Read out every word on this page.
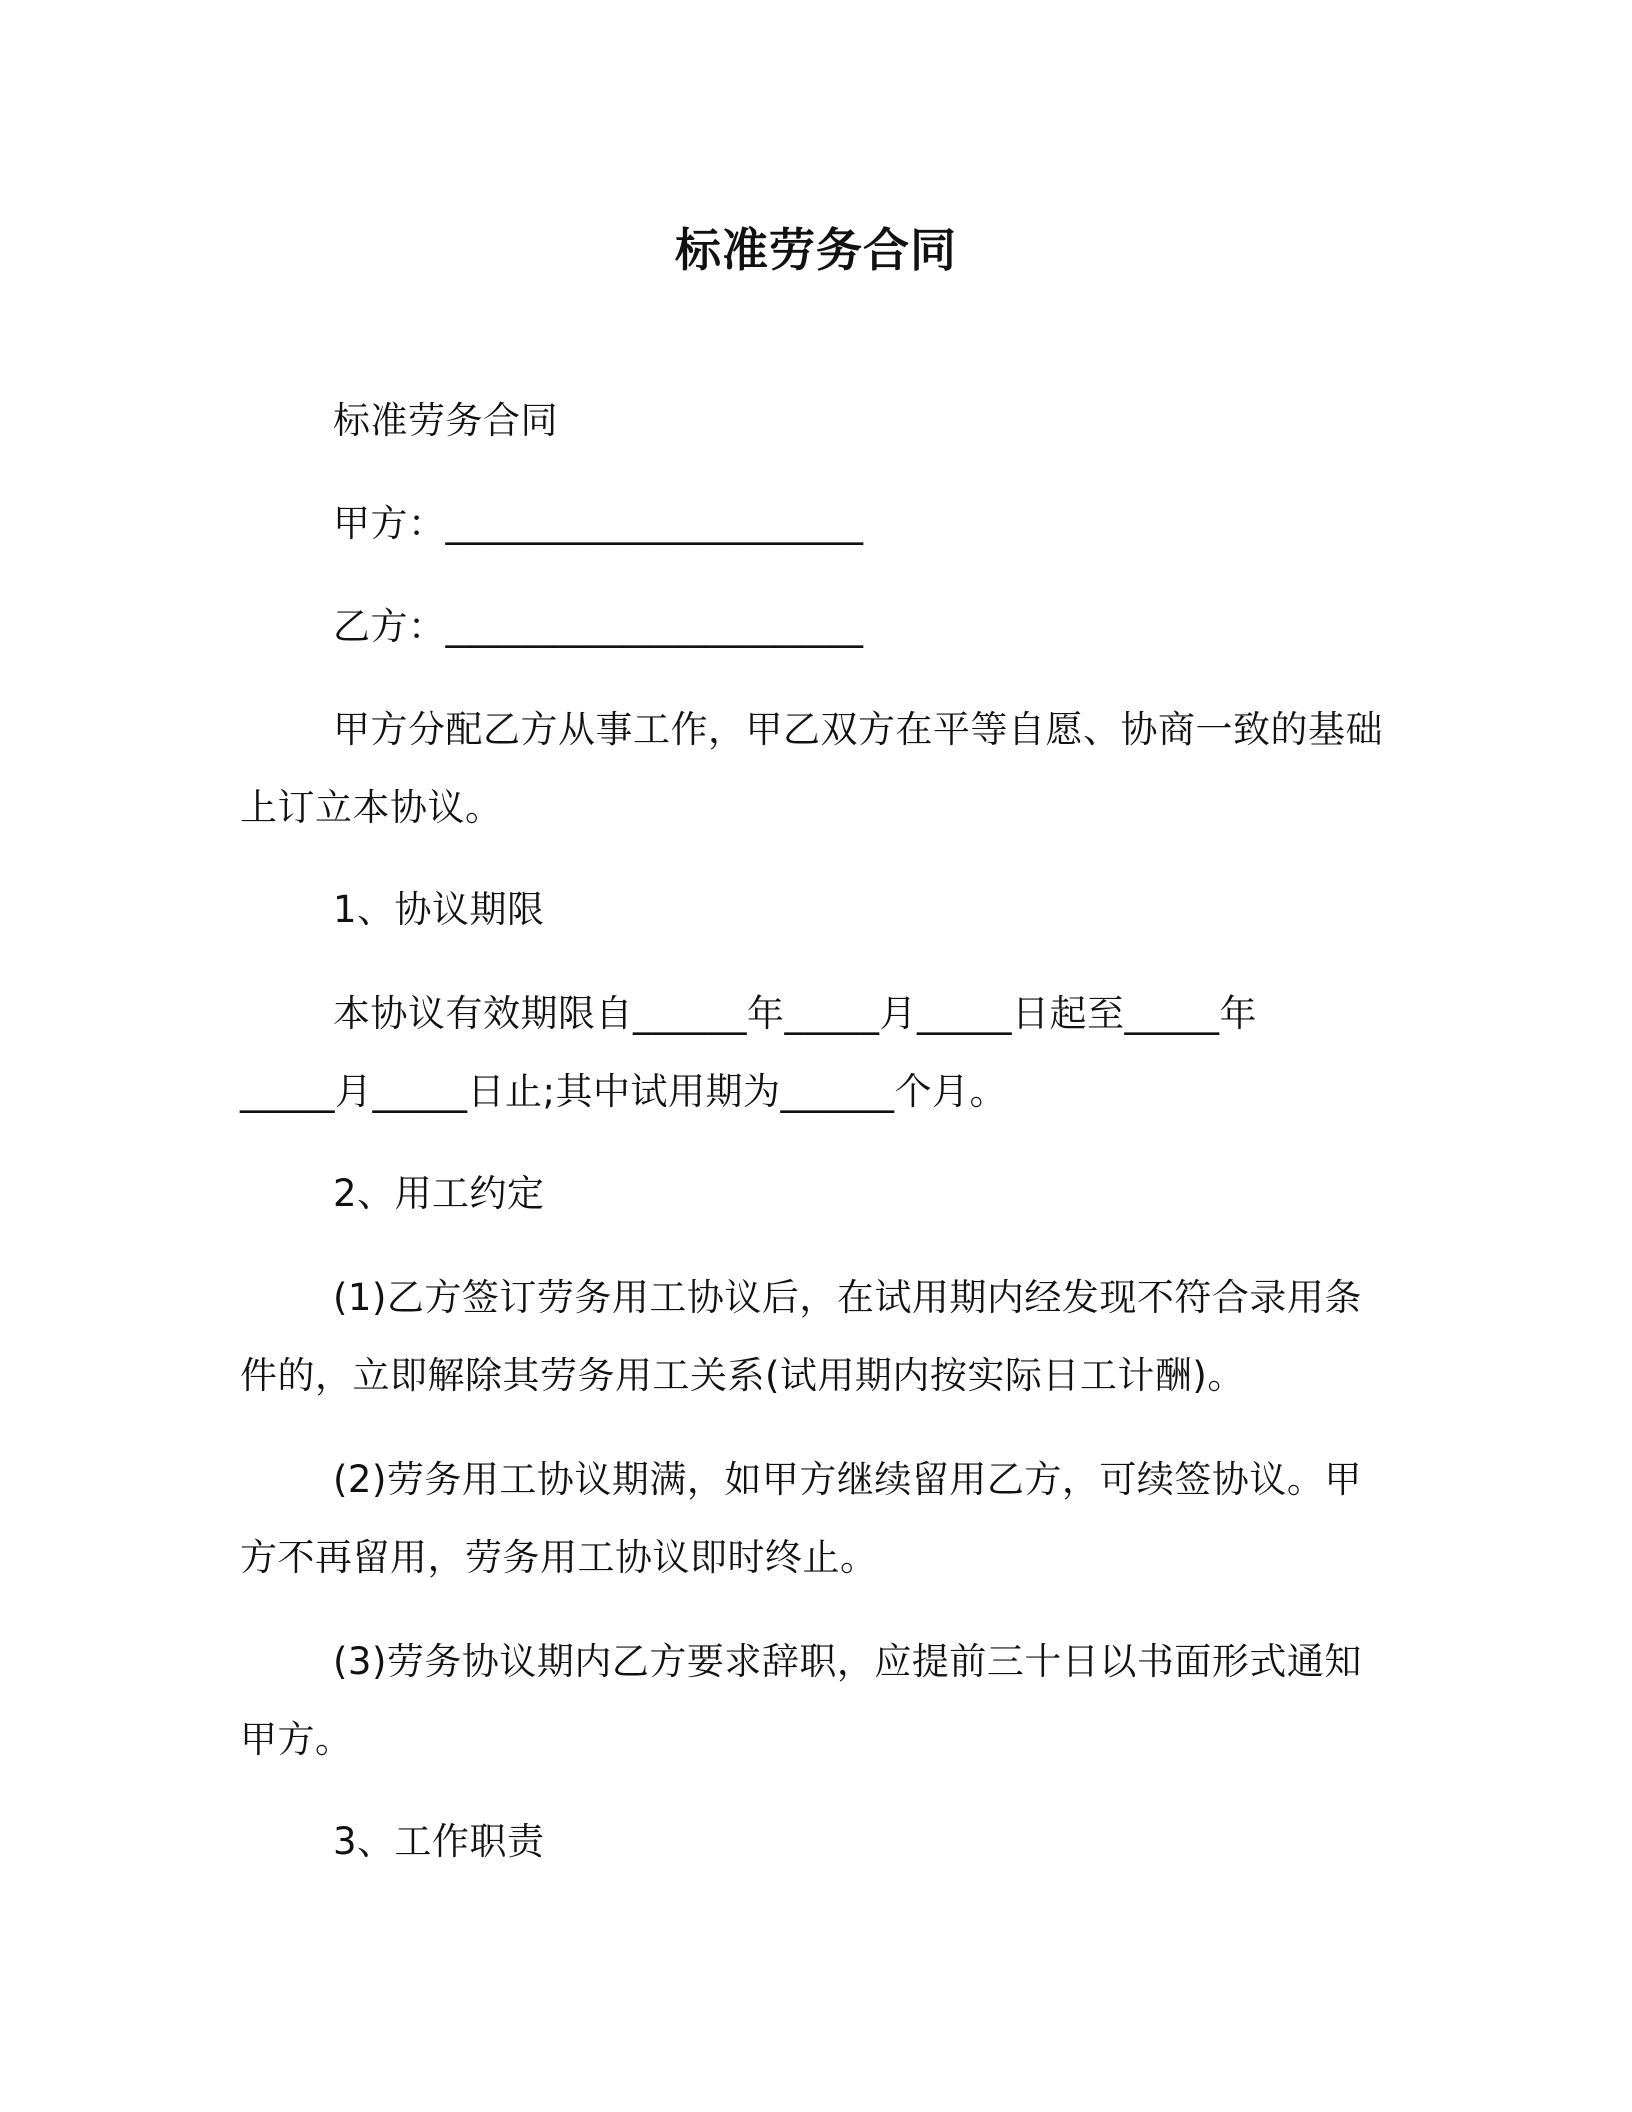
标准劳务合同
标准劳务合同
甲方：______________________
乙方：______________________
甲方分配乙方从事工作，甲乙双方在平等自愿、协商一致的基础
上订立本协议。
1、协议期限
本协议有效期限自______年_____月_____日起至_____年
_____月_____日止;其中试用期为______个月。
2、用工约定
(1)乙方签订劳务用工协议后，在试用期内经发现不符合录用条
件的，立即解除其劳务用工关系(试用期内按实际日工计酬)。
(2)劳务用工协议期满，如甲方继续留用乙方，可续签协议。甲
方不再留用，劳务用工协议即时终止。
(3)劳务协议期内乙方要求辞职，应提前三十日以书面形式通知
甲方。
3、工作职责
